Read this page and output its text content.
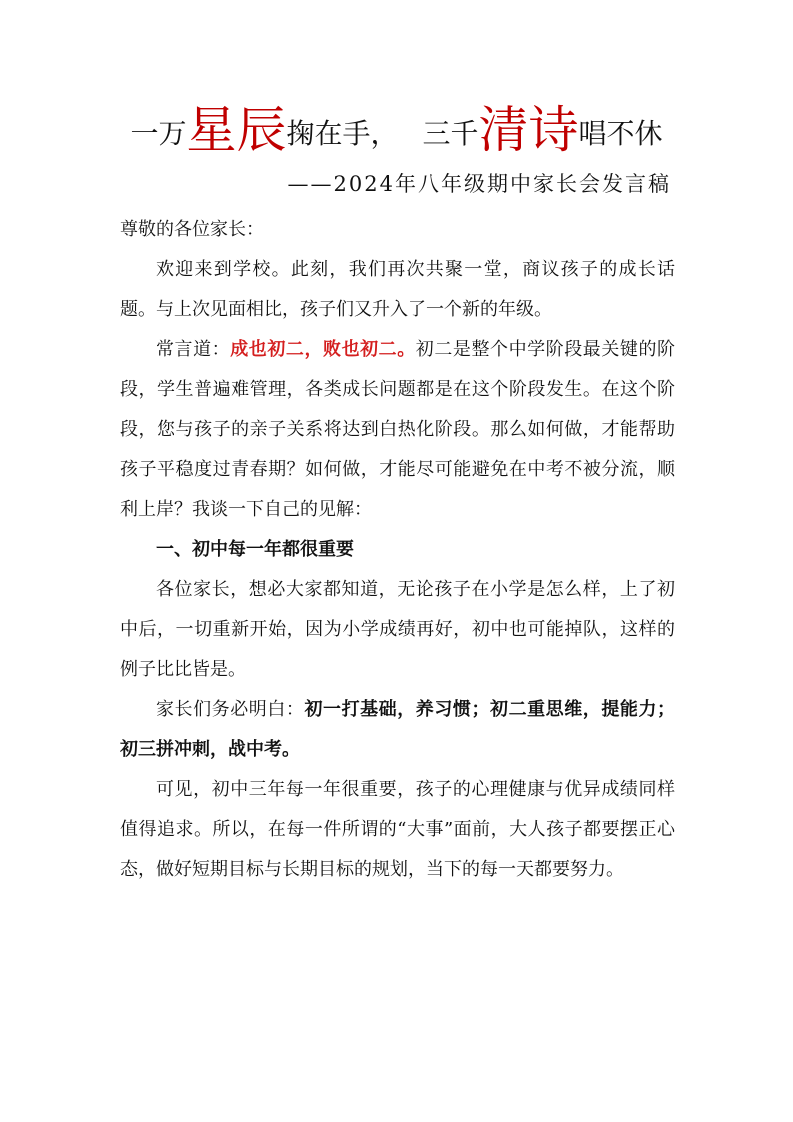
一万星辰掬在手， 三千清诗唱不休
——2024年八年级期中家长会发言稿

尊敬的各位家长：

欢迎来到学校。此刻，我们再次共聚一堂，商议孩子的成长话题。与上次见面相比，孩子们又升入了一个新的年级。

常言道：成也初二，败也初二。初二是整个中学阶段最关键的阶段，学生普遍难管理，各类成长问题都是在这个阶段发生。在这个阶段，您与孩子的亲子关系将达到白热化阶段。那么如何做，才能帮助孩子平稳度过青春期？如何做，才能尽可能避免在中考不被分流，顺利上岸？我谈一下自己的见解：

一、初中每一年都很重要

各位家长，想必大家都知道，无论孩子在小学是怎么样，上了初中后，一切重新开始，因为小学成绩再好，初中也可能掉队，这样的例子比比皆是。

家长们务必明白：初一打基础，养习惯；初二重思维，提能力；初三拼冲刺，战中考。

可见，初中三年每一年很重要，孩子的心理健康与优异成绩同样值得追求。所以，在每一件所谓的“大事”面前，大人孩子都要摆正心态，做好短期目标与长期目标的规划，当下的每一天都要努力。
